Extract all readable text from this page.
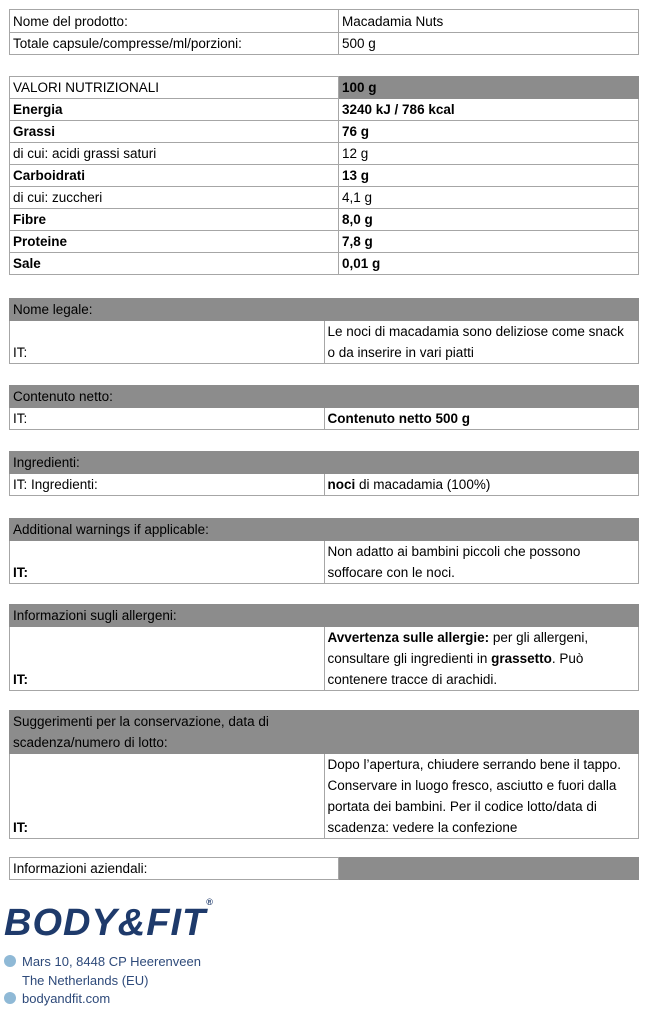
Nome del prodotto:	Macadamia Nuts
Totale capsule/compresse/ml/porzioni:	500 g
VALORI NUTRIZIONALI	100 g
Energia	3240 kJ / 786 kcal
Grassi	76 g
di cui: acidi grassi saturi	12 g
Carboidrati	13 g
di cui: zuccheri	4,1 g
Fibre	8,0 g
Proteine	7,8 g
Sale	0,01 g
Nome legale:
IT:	Le noci di macadamia sono deliziose come snack o da inserire in vari piatti
Contenuto netto:
IT:	Contenuto netto 500 g
Ingredienti:
IT: Ingredienti:	noci di macadamia (100%)
Additional warnings if applicable:
IT:	Non adatto ai bambini piccoli che possono soffocare con le noci.
Informazioni sugli allergeni:
IT:	Avvertenza sulle allergie: per gli allergeni, consultare gli ingredienti in grassetto. Può contenere tracce di arachidi.
Suggerimenti per la conservazione, data di scadenza/numero di lotto:
IT:	Dopo l’apertura, chiudere serrando bene il tappo. Conservare in luogo fresco, asciutto e fuori dalla portata dei bambini. Per il codice lotto/data di scadenza: vedere la confezione
Informazioni aziendali:	
BODY&FIT®
Mars 10, 8448 CP Heerenveen
The Netherlands (EU)
bodyandfit.com
